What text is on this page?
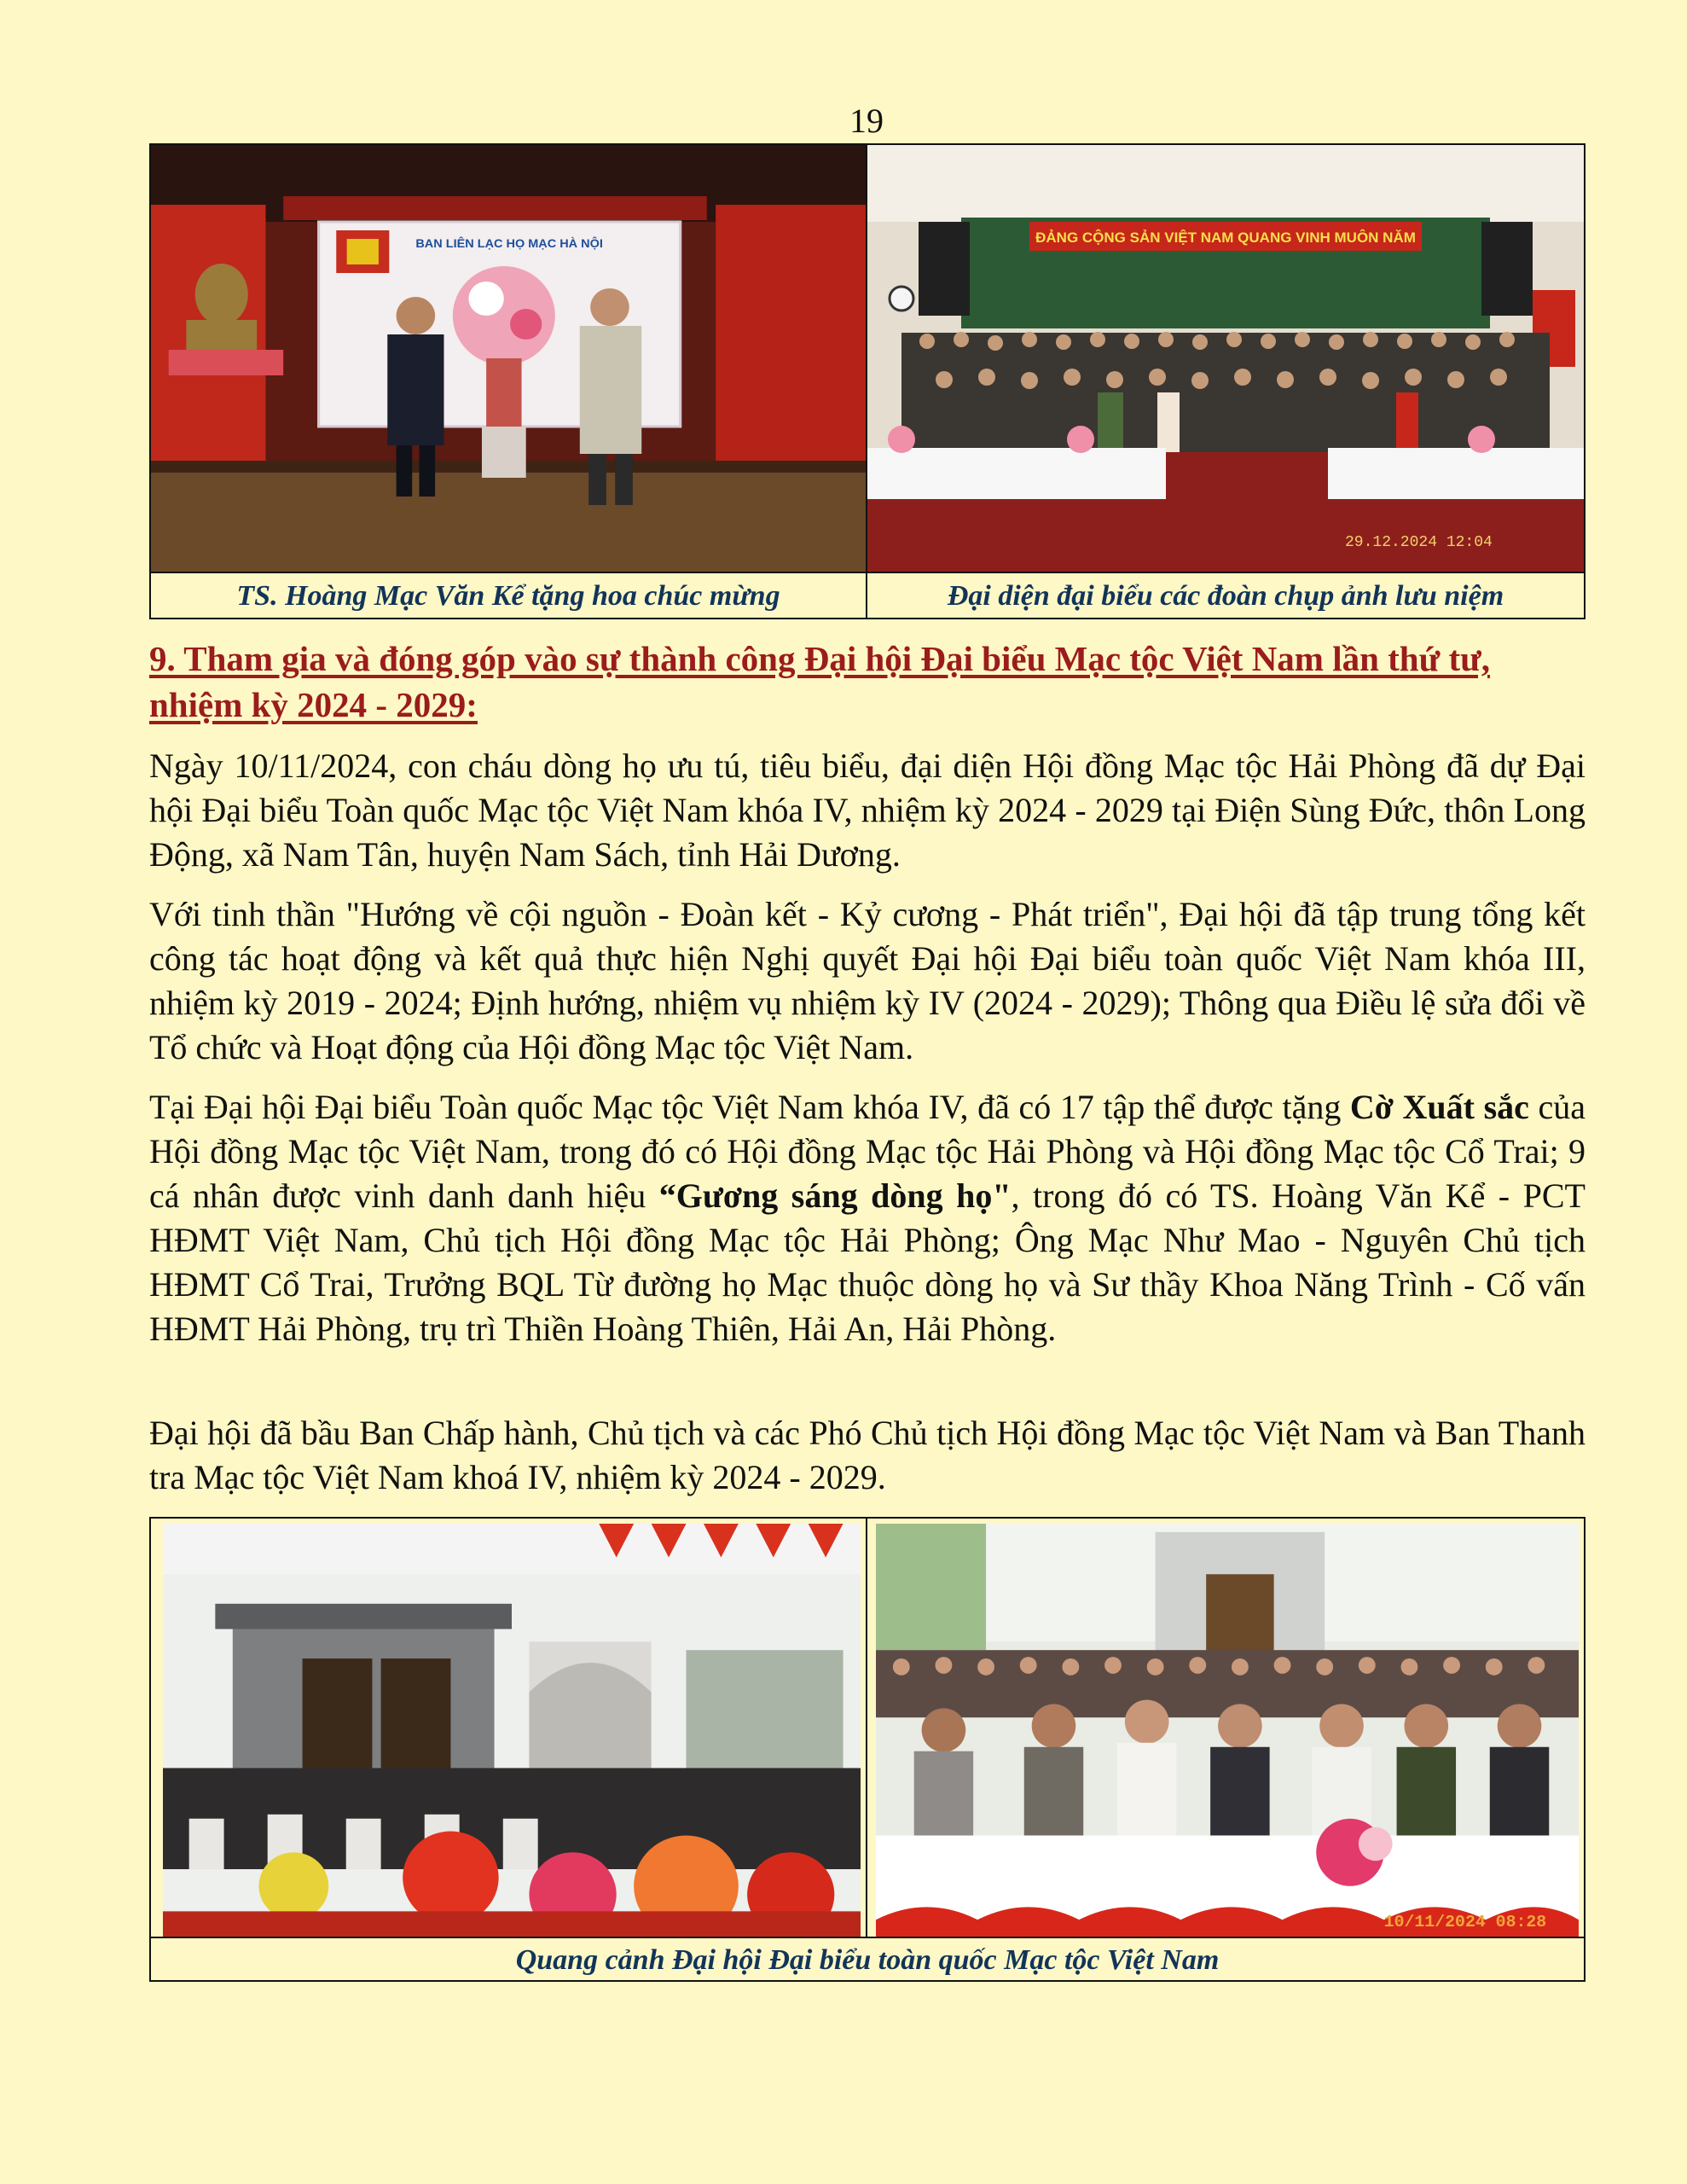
19
BAN LIÊN LẠC HỌ MẠC HÀ NỘI	ĐẢNG CỘNG SẢN VIỆT NAM QUANG VINH MUÔN NĂM
29.12.2024 12:04
TS. Hoàng Mạc Văn Kể tặng hoa chúc mừng	Đại diện đại biểu các đoàn chụp ảnh lưu niệm
9. Tham gia và đóng góp vào sự thành công Đại hội Đại biểu Mạc tộc Việt Nam lần thứ tư, nhiệm kỳ 2024 - 2029:

Ngày 10/11/2024, con cháu dòng họ ưu tú, tiêu biểu, đại diện Hội đồng Mạc tộc Hải Phòng đã dự Đại hội Đại biểu Toàn quốc Mạc tộc Việt Nam khóa IV, nhiệm kỳ 2024 - 2029 tại Điện Sùng Đức, thôn Long Động, xã Nam Tân, huyện Nam Sách, tỉnh Hải Dương.

Với tinh thần "Hướng về cội nguồn - Đoàn kết - Kỷ cương - Phát triển", Đại hội đã tập trung tổng kết công tác hoạt động và kết quả thực hiện Nghị quyết Đại hội Đại biểu toàn quốc Việt Nam khóa III, nhiệm kỳ 2019 - 2024; Định hướng, nhiệm vụ nhiệm kỳ IV (2024 - 2029); Thông qua Điều lệ sửa đổi về Tổ chức và Hoạt động của Hội đồng Mạc tộc Việt Nam.

Tại Đại hội Đại biểu Toàn quốc Mạc tộc Việt Nam khóa IV, đã có 17 tập thể được tặng Cờ Xuất sắc của Hội đồng Mạc tộc Việt Nam, trong đó có Hội đồng Mạc tộc Hải Phòng và Hội đồng Mạc tộc Cổ Trai; 9 cá nhân được vinh danh danh hiệu “Gương sáng dòng họ", trong đó có TS. Hoàng Văn Kể - PCT HĐMT Việt Nam, Chủ tịch Hội đồng Mạc tộc Hải Phòng; Ông Mạc Như Mao - Nguyên Chủ tịch HĐMT Cổ Trai, Trưởng BQL Từ đường họ Mạc thuộc dòng họ và Sư thầy Khoa Năng Trình - Cố vấn HĐMT Hải Phòng, trụ trì Thiền Hoàng Thiên, Hải An, Hải Phòng.

Đại hội đã bầu Ban Chấp hành, Chủ tịch và các Phó Chủ tịch Hội đồng Mạc tộc Việt Nam và Ban Thanh tra Mạc tộc Việt Nam khoá IV, nhiệm kỳ 2024 - 2029.

10/11/2024 08:28
Quang cảnh Đại hội Đại biểu toàn quốc Mạc tộc Việt Nam
